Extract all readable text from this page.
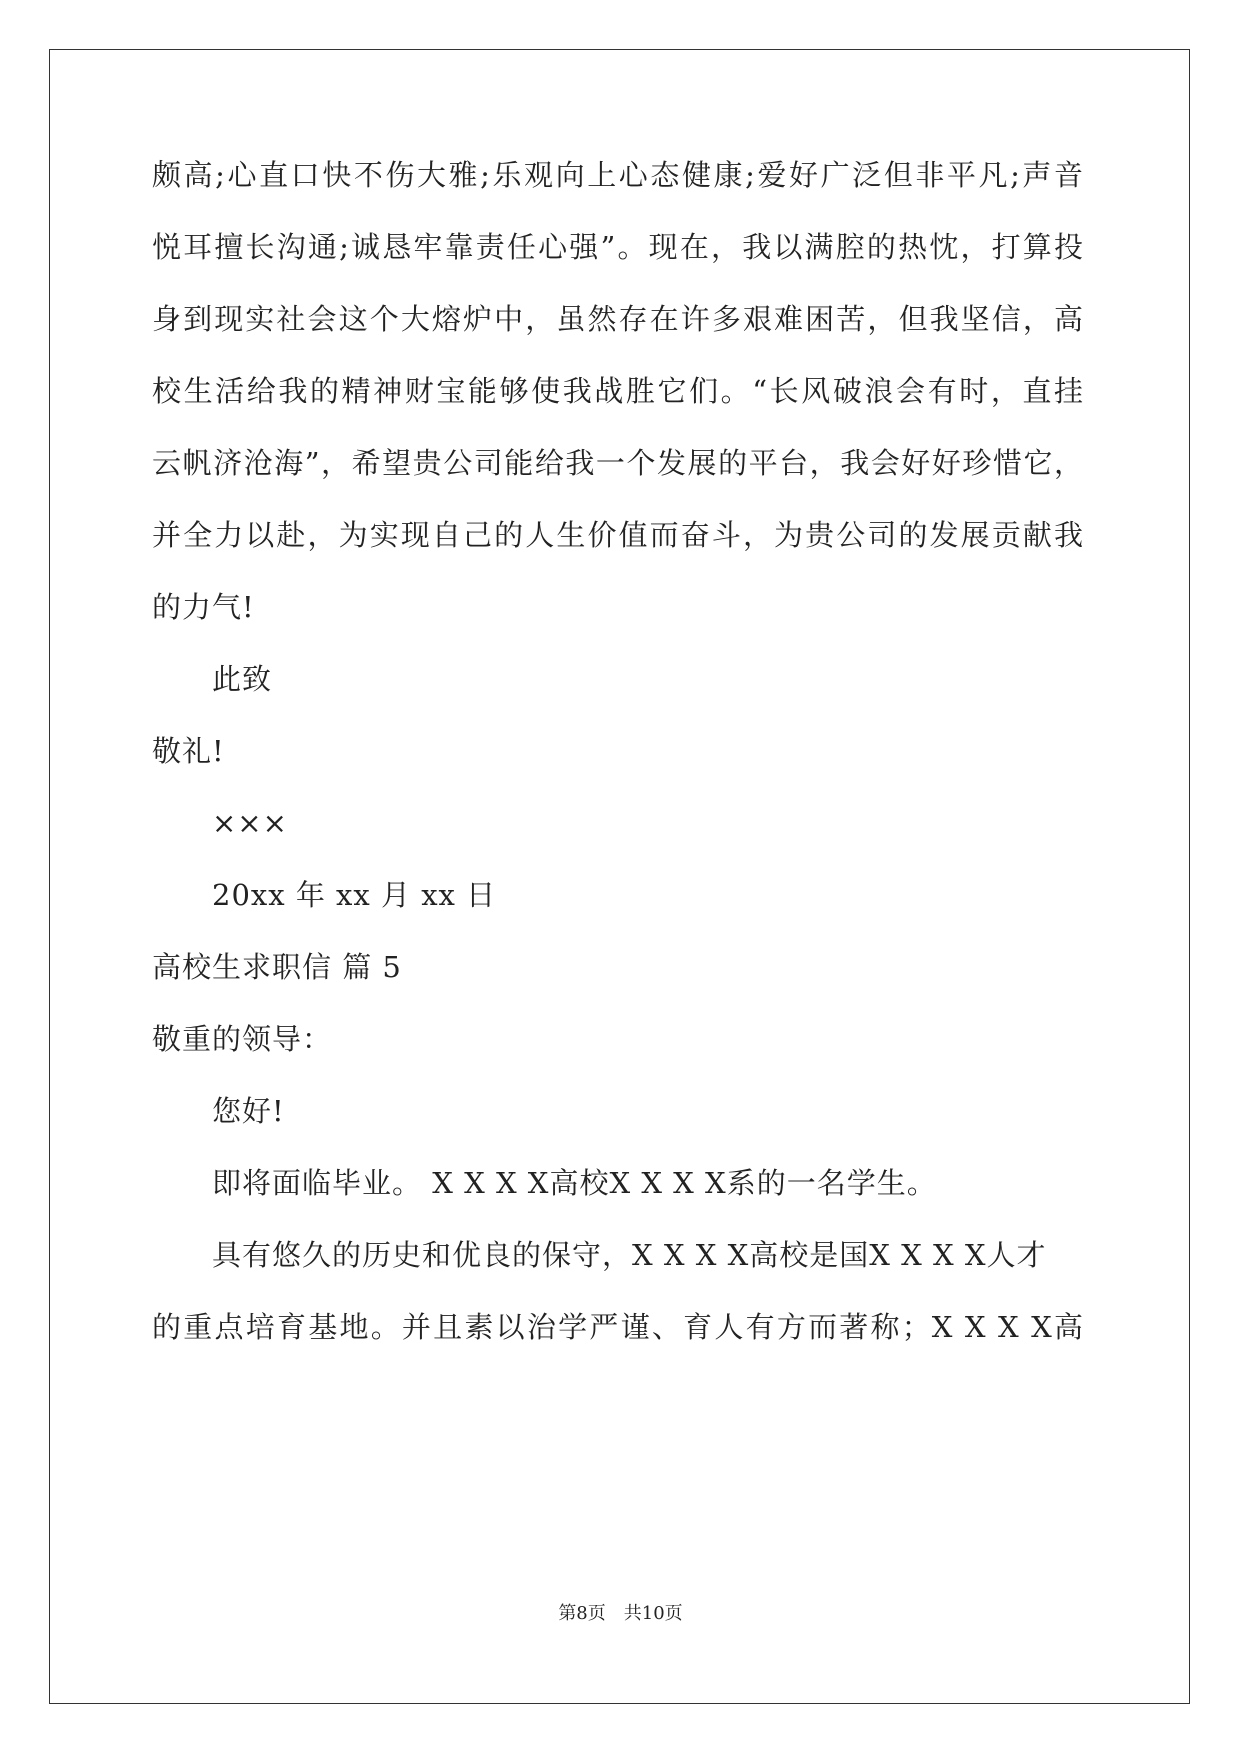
颇高;心直口快不伤大雅;乐观向上心态健康;爱好广泛但非平凡;声音
悦耳擅长沟通;诚恳牢靠责任心强”。现在，我以满腔的热忱，打算投
身到现实社会这个大熔炉中，虽然存在许多艰难困苦，但我坚信，高
校生活给我的精神财宝能够使我战胜它们。“长风破浪会有时，直挂
云帆济沧海”，希望贵公司能给我一个发展的平台，我会好好珍惜它，
并全力以赴，为实现自己的人生价值而奋斗，为贵公司的发展贡献我
的力气!
此致
敬礼!
×××
20xx 年 xx 月 xx 日
高校生求职信 篇 5
敬重的领导：
您好!
即将面临毕业。 X X X X高校X X X X系的一名学生。
具有悠久的历史和优良的保守，X X X X高校是国X X X X人才
的重点培育基地。并且素以治学严谨、育人有方而著称；X X X X高
第8页　共10页
